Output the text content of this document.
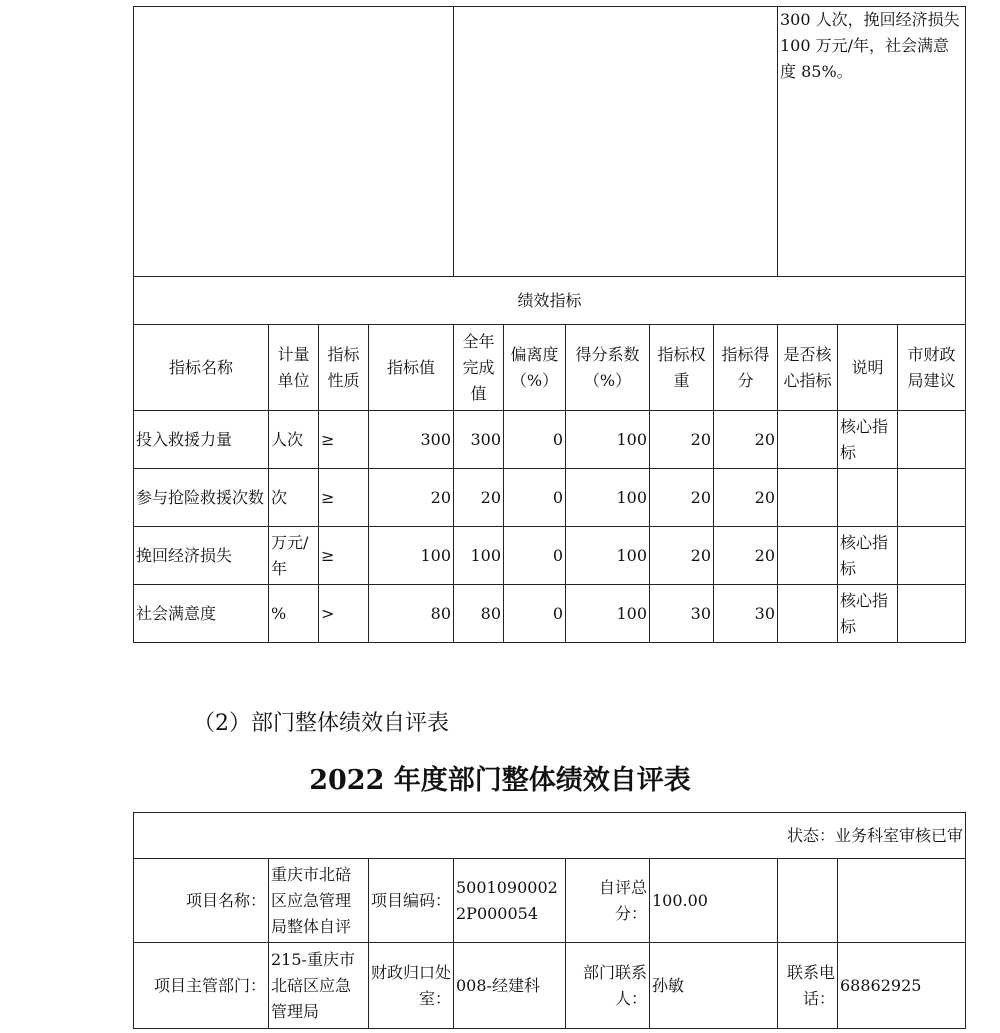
									300 人次，挽回经济损失 100 万元/年，社会满意度 85%。		
绩效指标											
指标名称	计量单位	指标性质	指标值	全年完成值	偏离度（%）	得分系数（%）	指标权重	指标得分	是否核心指标	说明	市财政局建议
投入救援力量	人次	≥	300	300	0	100	20	20		核心指标	
参与抢险救援次数	次	≥	20	20	0	100	20	20			
挽回经济损失	万元/年	≥	100	100	0	100	20	20		核心指标	
社会满意度	%	>	80	80	0	100	30	30		核心指标	
（2）部门整体绩效自评表
2022 年度部门整体绩效自评表
状态：业务科室审核已审							
项目名称：	重庆市北碚区应急管理局整体自评	项目编码：	50010900022P000054	自评总分：	100.00		
项目主管部门：	215-重庆市北碚区应急管理局	财政归口处室：	008-经建科	部门联系人：	孙敏	联系电话：	68862925
